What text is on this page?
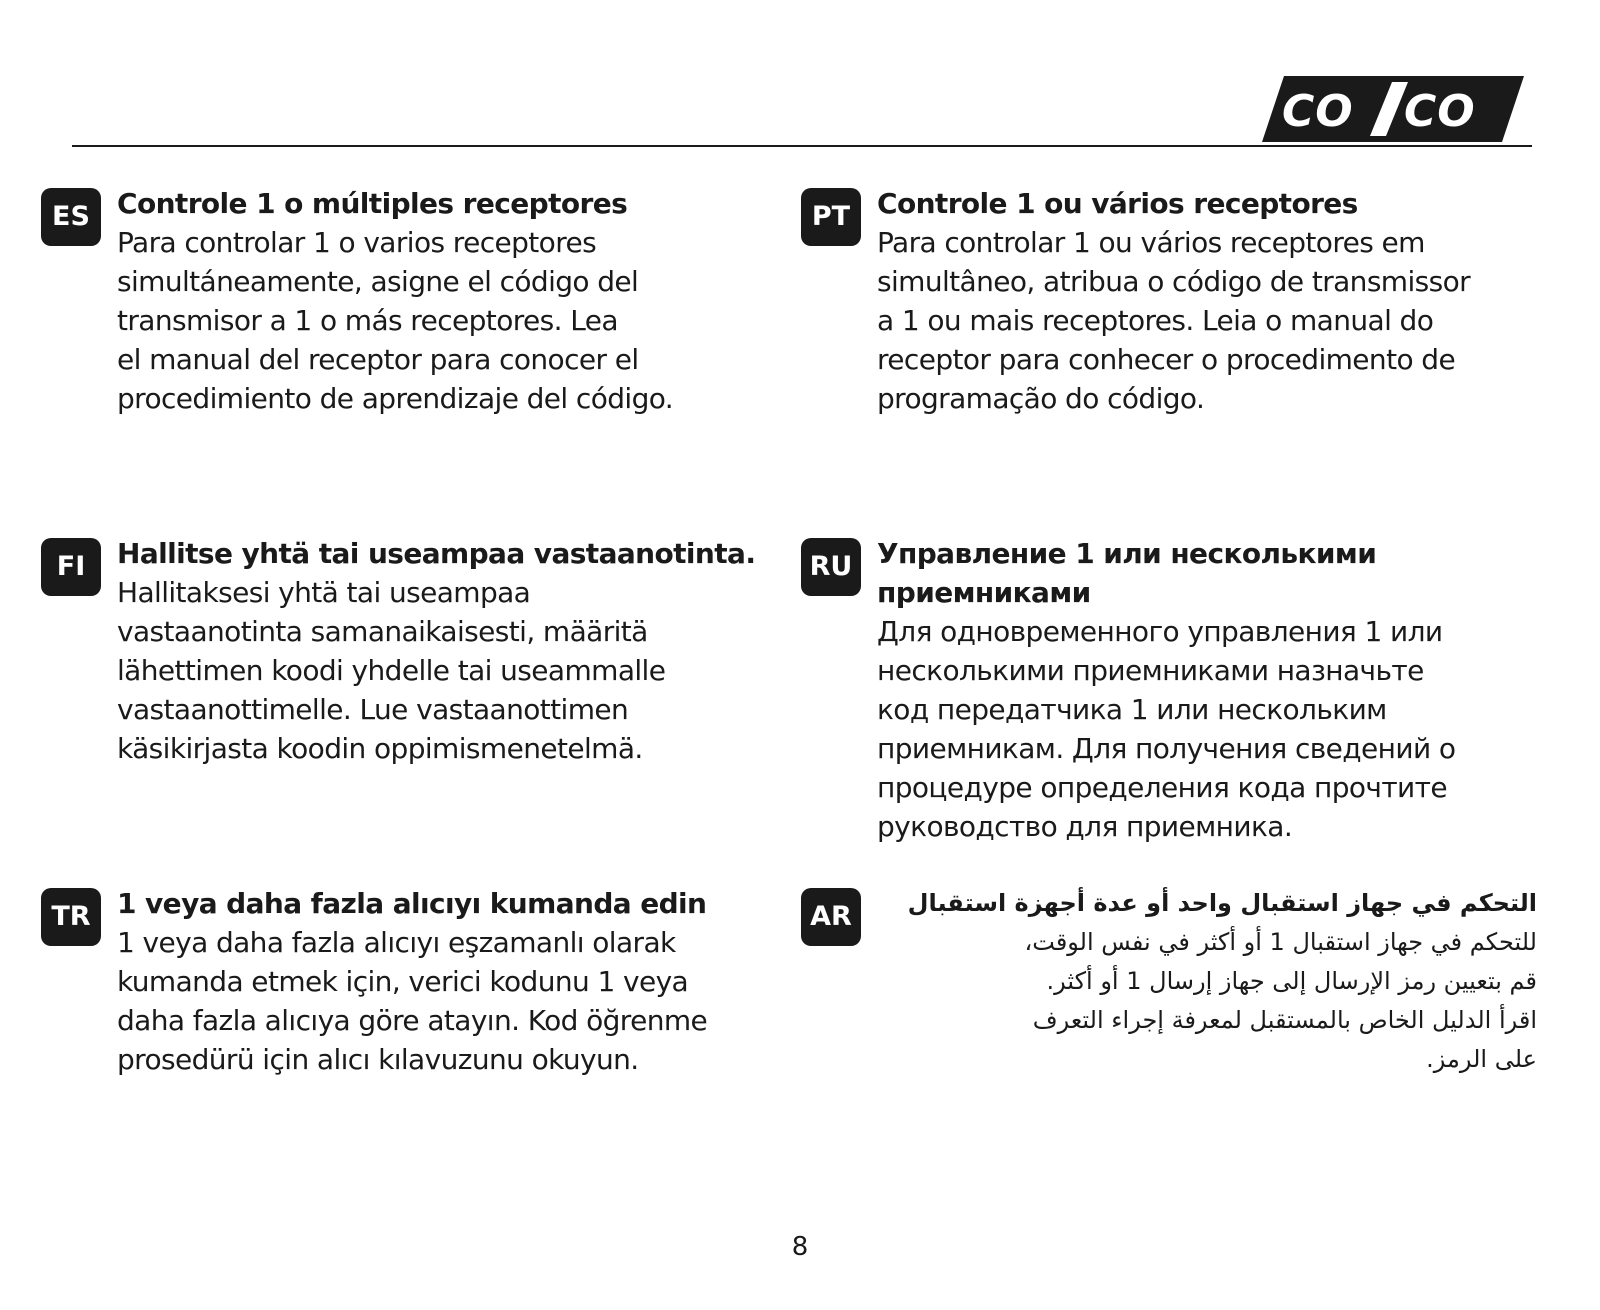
CO CO
ES Controle 1 o múltiples receptores

Para controlar 1 o varios receptores
simultáneamente, asigne el código del
transmisor a 1 o más receptores. Lea
el manual del receptor para conocer el
procedimiento de aprendizaje del código.

PT Controle 1 ou vários receptores

Para controlar 1 ou vários receptores em
simultâneo, atribua o código de transmissor
a 1 ou mais receptores. Leia o manual do
receptor para conhecer o procedimento de
programação do código.

FI	Hallitse yhtä tai useampaa vastaanotinta.

Hallitaksesi yhtä tai useampaa
vastaanotinta samanaikaisesti, määritä
lähettimen koodi yhdelle tai useammalle
vastaanottimelle. Lue vastaanottimen
käsikirjasta koodin oppimismenetelmä.

RU Управление 1 или несколькими приемниками

Для одновременного управления 1 или
несколькими приемниками назначьте
код передатчика 1 или нескольким
приемникам. Для получения сведений о
процедуре определения кода прочтите
руководство для приемника.

TR 1 veya daha fazla alıcıyı kumanda edin

1 veya daha fazla alıcıyı eşzamanlı olarak
kumanda etmek için, verici kodunu 1 veya
daha fazla alıcıya göre atayın. Kod öğrenme
prosedürü için alıcı kılavuzunu okuyun.

AR	التحكم في جهاز استقبال واحد أو عدة أجهزة استقبال

للتحكم في جهاز استقبال 1 أو أكثر في نفس الوقت،
قم بتعيين رمز الإرسال إلى جهاز إرسال 1 أو أكثر.
اقرأ الدليل الخاص بالمستقبل لمعرفة إجراء التعرف
على الرمز.

8
